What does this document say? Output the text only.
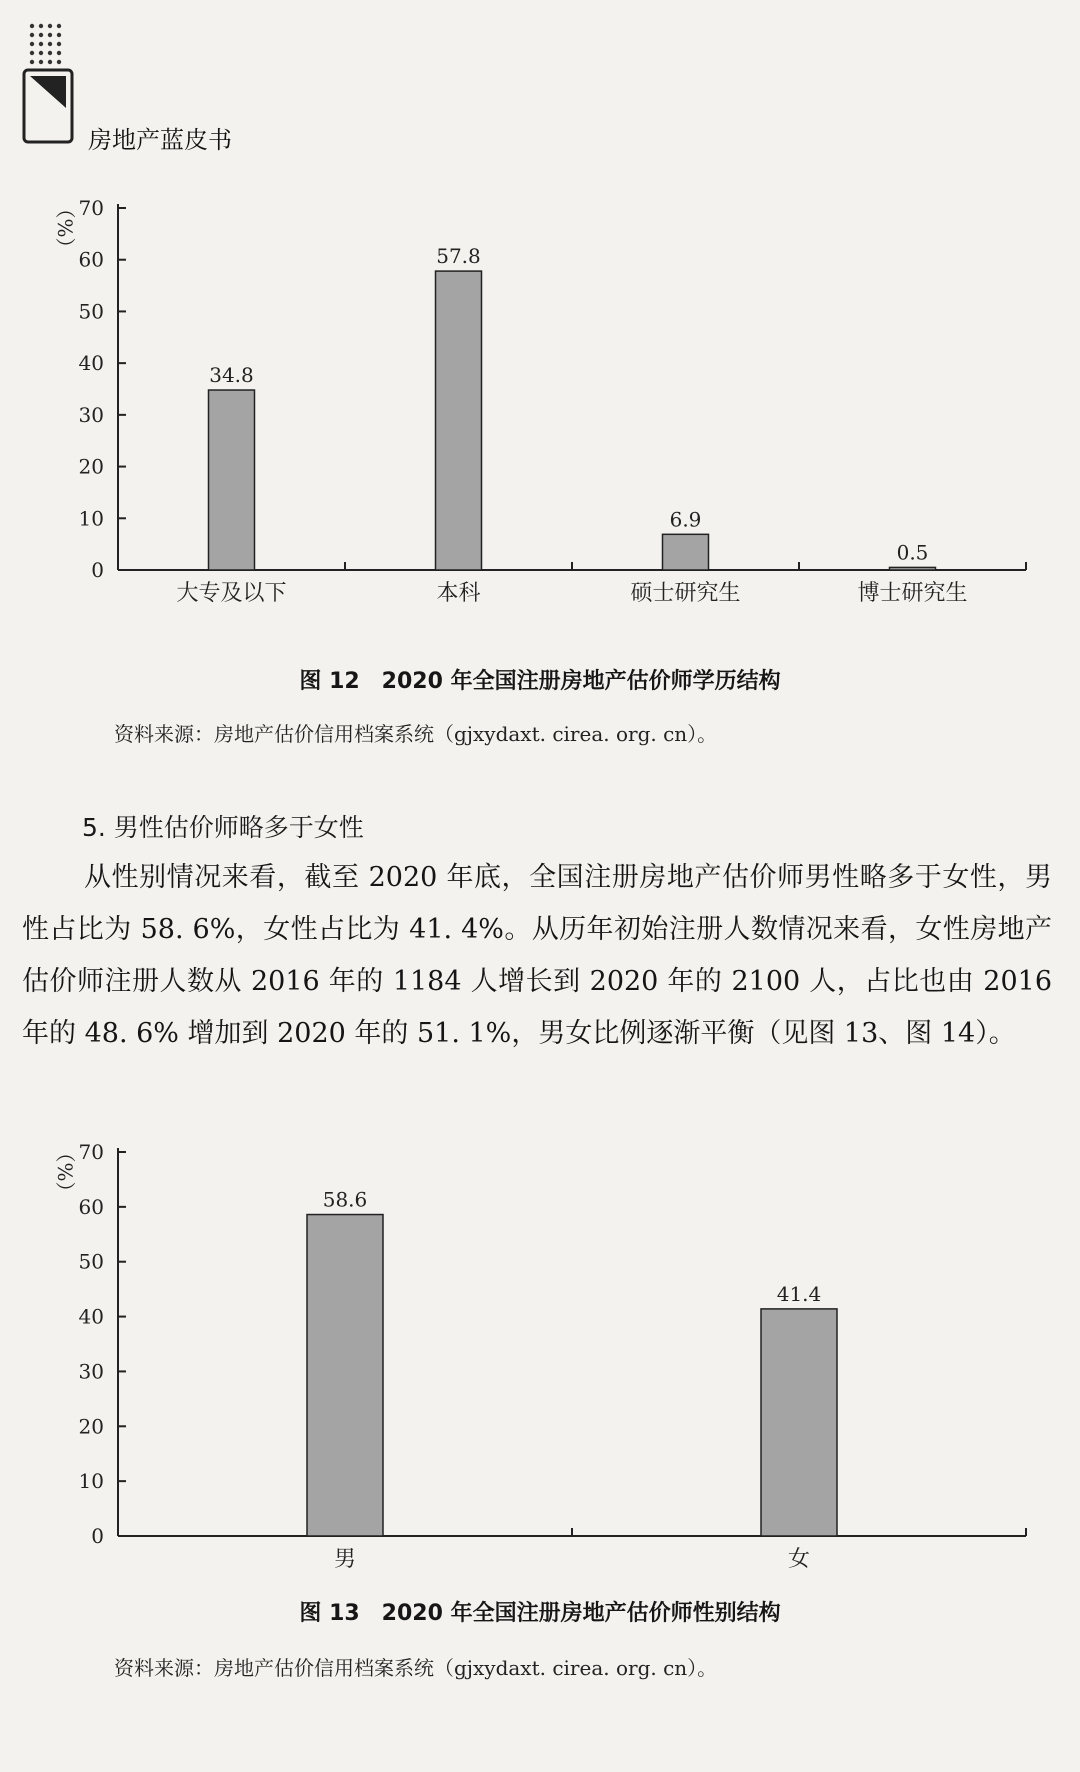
房地产蓝皮书
0
10
20
30
40
50
60
70
（%）
34.8
大专及以下
57.8
本科
6.9
硕士研究生
0.5
博士研究生
图 12　2020 年全国注册房地产估价师学历结构
资料来源：房地产估价信用档案系统（gjxydaxt. cirea. org. cn）。
5. 男性估价师略多于女性
从性别情况来看，截至 2020 年底，全国注册房地产估价师男性略多于女性，男性占比为 58. 6%，女性占比为 41. 4%。从历年初始注册人数情况来看，女性房地产估价师注册人数从 2016 年的 1184 人增长到 2020 年的 2100 人，占比也由 2016 年的 48. 6% 增加到 2020 年的 51. 1%，男女比例逐渐平衡（见图 13、图 14）。
0
10
20
30
40
50
60
70
（%）	58.6
男
41.4
女
图 13　2020 年全国注册房地产估价师性别结构
资料来源：房地产估价信用档案系统（gjxydaxt. cirea. org. cn）。
